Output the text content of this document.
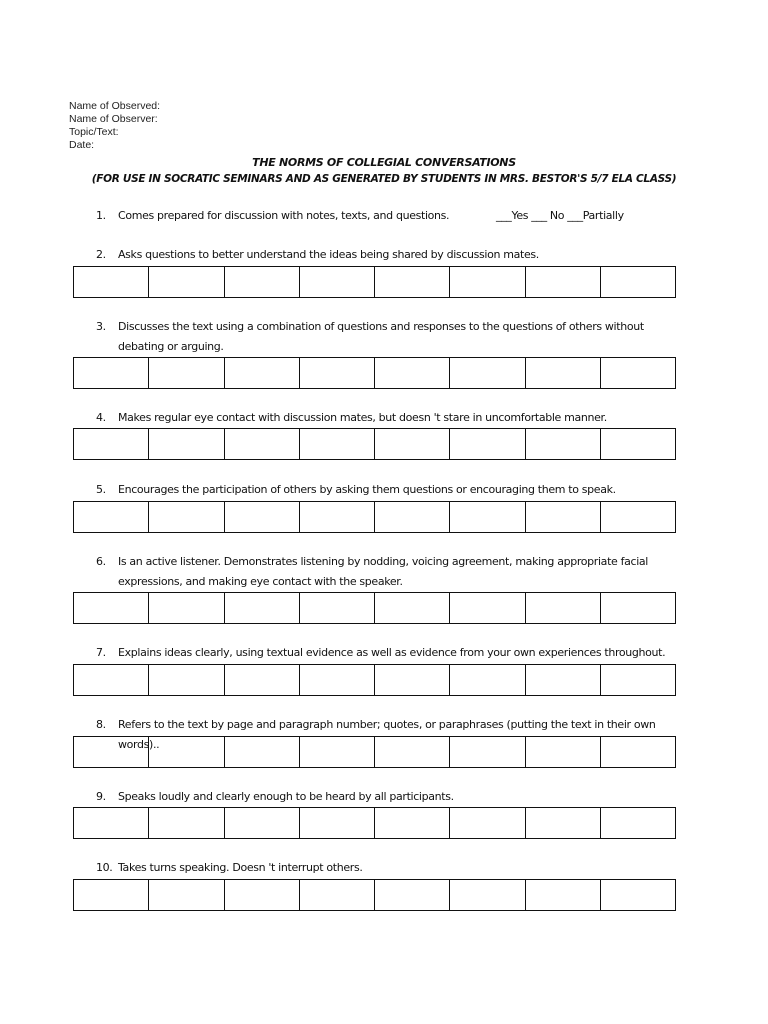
Name of Observed:
Name of Observer:
Topic/Text:
Date:
THE NORMS OF COLLEGIAL CONVERSATIONS
(FOR USE IN SOCRATIC SEMINARS AND AS GENERATED BY STUDENTS IN MRS. BESTOR'S 5/7 ELA CLASS)
1.	Comes prepared for discussion with notes, texts, and questions.	___Yes ___ No ___Partially
2.	Asks questions to better understand the ideas being shared by discussion mates.

3.	Discusses the text using a combination of questions and responses to the questions of others without debating or arguing.

4.	Makes regular eye contact with discussion mates, but doesn 't stare in uncomfortable manner.

5.	Encourages the participation of others by asking them questions or encouraging them to speak.

6.	Is an active listener. Demonstrates listening by nodding, voicing agreement, making appropriate facial expressions, and making eye contact with the speaker.

7.	Explains ideas clearly, using textual evidence as well as evidence from your own experiences throughout.

8.	Refers to the text by page and paragraph number; quotes, or paraphrases (putting the text in their own words)..

9.	Speaks loudly and clearly enough to be heard by all participants.

10. Takes turns speaking. Doesn 't interrupt others.
